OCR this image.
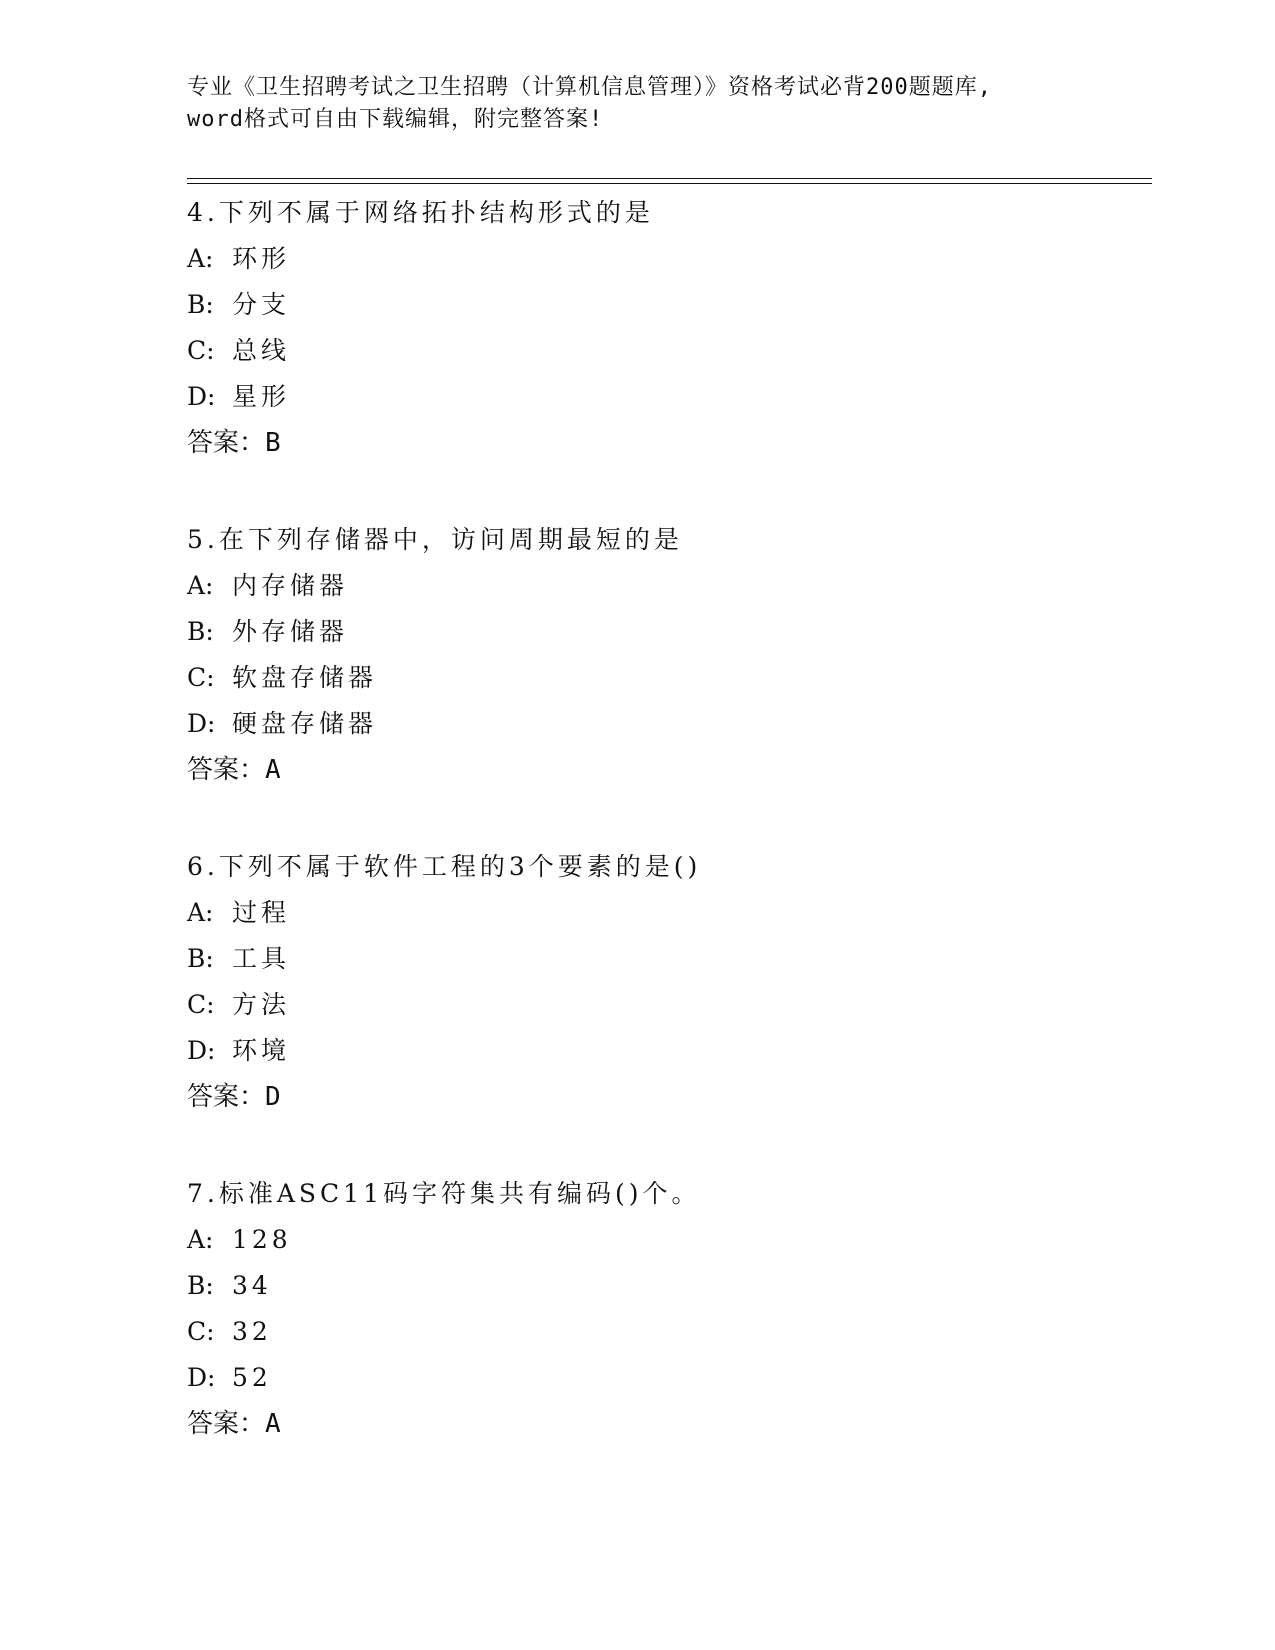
专业《卫生招聘考试之卫生招聘（计算机信息管理）》资格考试必背200题题库,
word格式可自由下载编辑，附完整答案!
4.下列不属于网络拓扑结构形式的是
A: 环形
B: 分支
C: 总线
D: 星形
答案：B
5.在下列存储器中，访问周期最短的是
A: 内存储器
B: 外存储器
C: 软盘存储器
D: 硬盘存储器
答案：A
6.下列不属于软件工程的3个要素的是()
A: 过程
B: 工具
C: 方法
D: 环境
答案：D
7.标准ASC11码字符集共有编码()个。
A: 128
B: 34
C: 32
D: 52
答案：A
